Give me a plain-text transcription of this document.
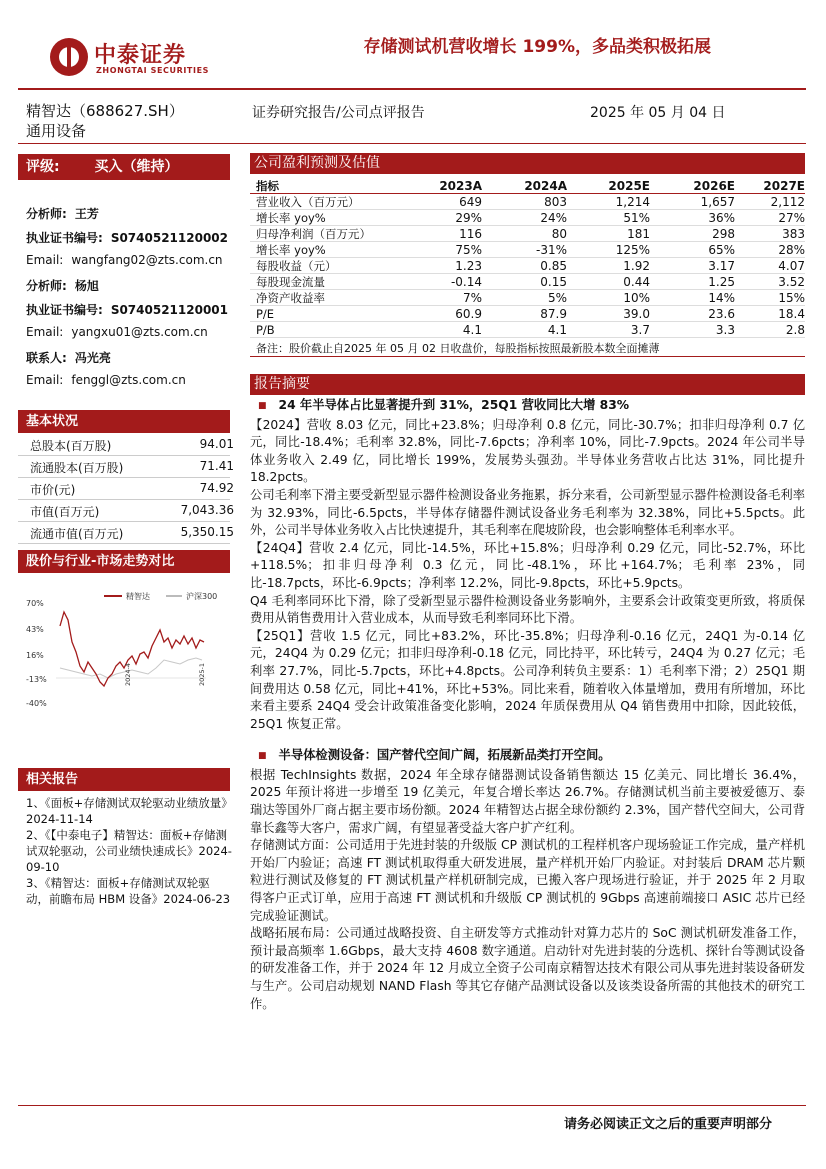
中泰证券
ZHONGTAI SECURITIES
存储测试机营收增长 199%，多品类积极拓展
精智达（688627.SH）
通用设备
证券研究报告/公司点评报告	2025 年 05 月 04 日
评级: 买入（维持）
分析师: 王芳
执业证书编号: S0740521120002
Email: wangfang02@zts.com.cn
分析师: 杨旭
执业证书编号: S0740521120001
Email: yangxu01@zts.com.cn
联系人: 冯光亮
Email: fenggl@zts.com.cn
基本状况
总股本(百万股)	94.01
流通股本(百万股)	71.41
市价(元)	74.92
市值(百万元)	7,043.36
流通市值(百万元)	5,350.15
股价与行业-市场走势对比
70%
43%
16%
-13%
-40%
精智达	沪深300
2024-4	2025-1
相关报告
1、《面板+存储测试双轮驱动业绩放量》2024-11-14
2、《【中泰电子】精智达：面板+存储测试双轮驱动，公司业绩快速成长》2024-09-10
3、《精智达：面板+存储测试双轮驱动，前瞻布局 HBM 设备》2024-06-23
公司盈利预测及估值
指标	2023A	2024A	2025E	2026E	2027E
营业收入（百万元）	649	803	1,214	1,657	2,112
增长率 yoy%	29%	24%	51%	36%	27%
归母净利润（百万元）	116	80	181	298	383
增长率 yoy%	75%	-31%	125%	65%	28%
每股收益（元）	1.23	0.85	1.92	3.17	4.07
每股现金流量	-0.14	0.15	0.44	1.25	3.52
净资产收益率	7%	5%	10%	14%	15%
P/E	60.9	87.9	39.0	23.6	18.4
P/B	4.1	4.1	3.7	3.3	2.8
备注：股价截止自2025 年 05 月 02 日收盘价，每股指标按照最新股本数全面摊薄
报告摘要

■ 24 年半导体占比显著提升到 31%，25Q1 营收同比大增 83%

【2024】营收 8.03 亿元，同比+23.8%；归母净利 0.8 亿元，同比-30.7%；扣非归母净利 0.7 亿元，同比-18.4%；毛利率 32.8%，同比-7.6pcts；净利率 10%，同比-7.9pcts。2024 年公司半导体业务收入 2.49 亿，同比增长 199%，发展势头强劲。半导体业务营收占比达 31%，同比提升 18.2pcts。

公司毛利率下滑主要受新型显示器件检测设备业务拖累，拆分来看，公司新型显示器件检测设备毛利率为 32.93%，同比-6.5pcts，半导体存储器件测试设备业务毛利率为 32.38%，同比+5.5pcts。此外，公司半导体业务收入占比快速提升，其毛利率在爬坡阶段，也会影响整体毛利率水平。

【24Q4】营收 2.4 亿元，同比-14.5%，环比+15.8%；归母净利 0.29 亿元，同比-52.7%，环比+118.5%；扣非归母净利 0.3 亿元，同比-48.1%，环比+164.7%；毛利率 23%，同比-18.7pcts，环比-6.9pcts；净利率 12.2%，同比-9.8pcts，环比+5.9pcts。

Q4 毛利率同环比下滑，除了受新型显示器件检测设备业务影响外，主要系会计政策变更所致，将质保费用从销售费用计入营业成本，从而导致毛利率同环比下滑。

【25Q1】营收 1.5 亿元，同比+83.2%，环比-35.8%；归母净利-0.16 亿元，24Q1 为-0.14 亿元，24Q4 为 0.29 亿元；扣非归母净利-0.18 亿元，同比持平，环比转亏，24Q4 为 0.27 亿元；毛利率 27.7%，同比-5.7pcts，环比+4.8pcts。公司净利转负主要系：1）毛利率下滑；2）25Q1 期间费用达 0.58 亿元，同比+41%，环比+53%。同比来看，随着收入体量增加，费用有所增加，环比来看主要系 24Q4 受会计政策准备变化影响，2024 年质保费用从 Q4 销售费用中扣除，因此较低，25Q1 恢复正常。

■ 半导体检测设备：国产替代空间广阔，拓展新品类打开空间。

根据 TechInsights 数据，2024 年全球存储器测试设备销售额达 15 亿美元、同比增长 36.4%，2025 年预计将进一步增至 19 亿美元，年复合增长率达 26.7%。存储测试机当前主要被爱德万、泰瑞达等国外厂商占据主要市场份额。2024 年精智达占据全球份额约 2.3%，国产替代空间大，公司背靠长鑫等大客户，需求广阔，有望显著受益大客户扩产红利。

存储测试方面：公司适用于先进封装的升级版 CP 测试机的工程样机客户现场验证工作完成，量产样机开始厂内验证；高速 FT 测试机取得重大研发进展，量产样机开始厂内验证。对封装后 DRAM 芯片颗粒进行测试及修复的 FT 测试机量产样机研制完成，已搬入客户现场进行验证，并于 2025 年 2 月取得客户正式订单，应用于高速 FT 测试机和升级版 CP 测试机的 9Gbps 高速前端接口 ASIC 芯片已经完成验证测试。

战略拓展布局：公司通过战略投资、自主研发等方式推动针对算力芯片的 SoC 测试机研发准备工作，预计最高频率 1.6Gbps，最大支持 4608 数字通道。启动针对先进封装的分选机、探针台等测试设备的研发准备工作，并于 2024 年 12 月成立全资子公司南京精智达技术有限公司从事先进封装设备研发与生产。公司启动规划 NAND Flash 等其它存储产品测试设备以及该类设备所需的其他技术的研究工作。

请务必阅读正文之后的重要声明部分
